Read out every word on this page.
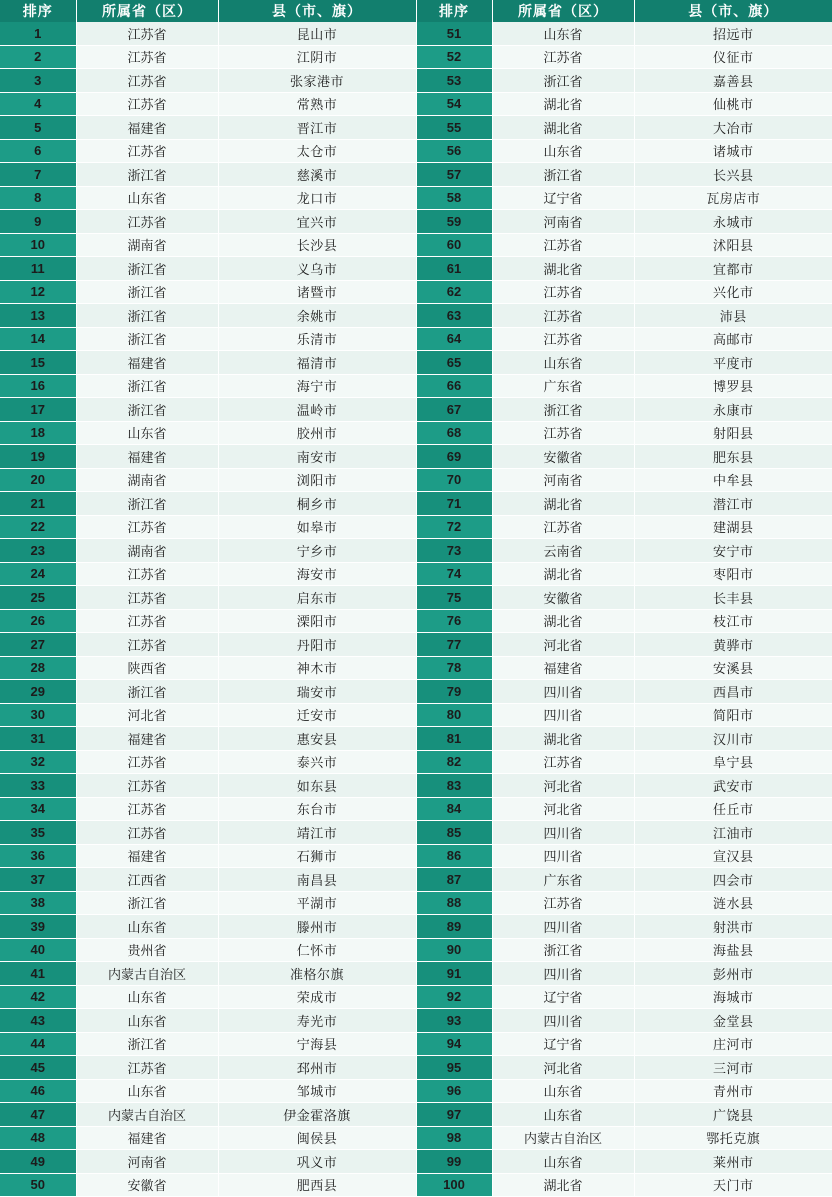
排序	所属省（区）	县（市、旗）	排序	所属省（区）	县（市、旗）
1	江苏省	昆山市	51	山东省	招远市
2	江苏省	江阴市	52	江苏省	仪征市
3	江苏省	张家港市	53	浙江省	嘉善县
4	江苏省	常熟市	54	湖北省	仙桃市
5	福建省	晋江市	55	湖北省	大冶市
6	江苏省	太仓市	56	山东省	诸城市
7	浙江省	慈溪市	57	浙江省	长兴县
8	山东省	龙口市	58	辽宁省	瓦房店市
9	江苏省	宜兴市	59	河南省	永城市
10	湖南省	长沙县	60	江苏省	沭阳县
11	浙江省	义乌市	61	湖北省	宜都市
12	浙江省	诸暨市	62	江苏省	兴化市
13	浙江省	余姚市	63	江苏省	沛县
14	浙江省	乐清市	64	江苏省	高邮市
15	福建省	福清市	65	山东省	平度市
16	浙江省	海宁市	66	广东省	博罗县
17	浙江省	温岭市	67	浙江省	永康市
18	山东省	胶州市	68	江苏省	射阳县
19	福建省	南安市	69	安徽省	肥东县
20	湖南省	浏阳市	70	河南省	中牟县
21	浙江省	桐乡市	71	湖北省	潜江市
22	江苏省	如皋市	72	江苏省	建湖县
23	湖南省	宁乡市	73	云南省	安宁市
24	江苏省	海安市	74	湖北省	枣阳市
25	江苏省	启东市	75	安徽省	长丰县
26	江苏省	溧阳市	76	湖北省	枝江市
27	江苏省	丹阳市	77	河北省	黄骅市
28	陕西省	神木市	78	福建省	安溪县
29	浙江省	瑞安市	79	四川省	西昌市
30	河北省	迁安市	80	四川省	简阳市
31	福建省	惠安县	81	湖北省	汉川市
32	江苏省	泰兴市	82	江苏省	阜宁县
33	江苏省	如东县	83	河北省	武安市
34	江苏省	东台市	84	河北省	任丘市
35	江苏省	靖江市	85	四川省	江油市
36	福建省	石狮市	86	四川省	宣汉县
37	江西省	南昌县	87	广东省	四会市
38	浙江省	平湖市	88	江苏省	涟水县
39	山东省	滕州市	89	四川省	射洪市
40	贵州省	仁怀市	90	浙江省	海盐县
41	内蒙古自治区	准格尔旗	91	四川省	彭州市
42	山东省	荣成市	92	辽宁省	海城市
43	山东省	寿光市	93	四川省	金堂县
44	浙江省	宁海县	94	辽宁省	庄河市
45	江苏省	邳州市	95	河北省	三河市
46	山东省	邹城市	96	山东省	青州市
47	内蒙古自治区	伊金霍洛旗	97	山东省	广饶县
48	福建省	闽侯县	98	内蒙古自治区	鄂托克旗
49	河南省	巩义市	99	山东省	莱州市
50	安徽省	肥西县	100	湖北省	天门市
